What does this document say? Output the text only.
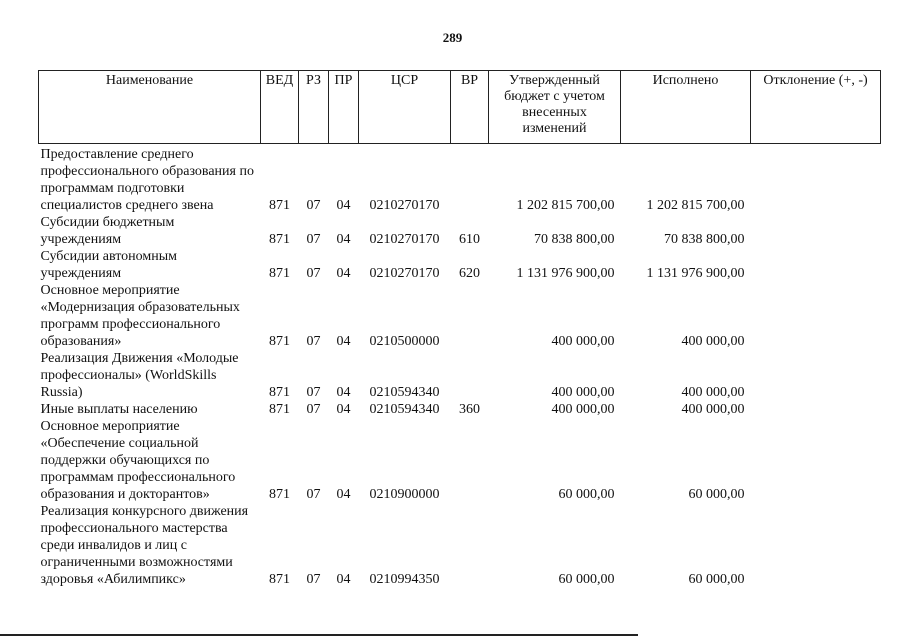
289
Наименование	ВЕД	РЗ	ПР	ЦСР	ВР	Утвержденный бюджет с учетом внесенных изменений	Исполнено	Отклонение (+, -)
Предоставление среднего профессионального образования по программам подготовки специалистов среднего звена	871	07	04	0210270170		1 202 815 700,00	1 202 815 700,00	
Субсидии бюджетным учреждениям	871	07	04	0210270170	610	70 838 800,00	70 838 800,00	
Субсидии автономным учреждениям	871	07	04	0210270170	620	1 131 976 900,00	1 131 976 900,00	
Основное мероприятие «Модернизация образовательных программ профессионального образования»	871	07	04	0210500000		400 000,00	400 000,00	
Реализация Движения «Молодые профессионалы» (WorldSkills Russia)	871	07	04	0210594340		400 000,00	400 000,00	
Иные выплаты населению	871	07	04	0210594340	360	400 000,00	400 000,00	
Основное мероприятие «Обеспечение социальной поддержки обучающихся по программам профессионального образования и докторантов»	871	07	04	0210900000		60 000,00	60 000,00	
Реализация конкурсного движения профессионального мастерства среди инвалидов и лиц с ограниченными возможностями здоровья «Абилимпикс»	871	07	04	0210994350		60 000,00	60 000,00	
